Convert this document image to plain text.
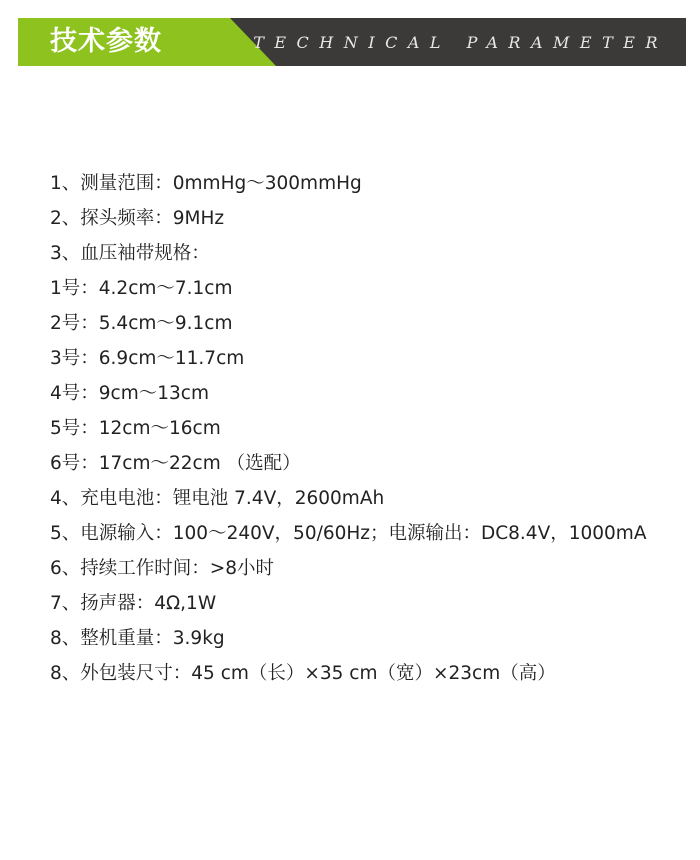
技术参数	TECHNICAL PARAMETER
1、测量范围：0mmHg～300mmHg
2、探头频率：9MHz
3、血压袖带规格：
1号：4.2cm～7.1cm
2号：5.4cm～9.1cm
3号：6.9cm～11.7cm
4号：9cm～13cm
5号：12cm～16cm
6号：17cm～22cm （选配）
4、充电电池：锂电池 7.4V，2600mAh
5、电源输入：100～240V，50/60Hz；电源输出：DC8.4V，1000mA
6、持续工作时间：>8小时
7、扬声器：4Ω,1W
8、整机重量：3.9kg
8、外包装尺寸：45 cm（长）×35 cm（宽）×23cm（高）
